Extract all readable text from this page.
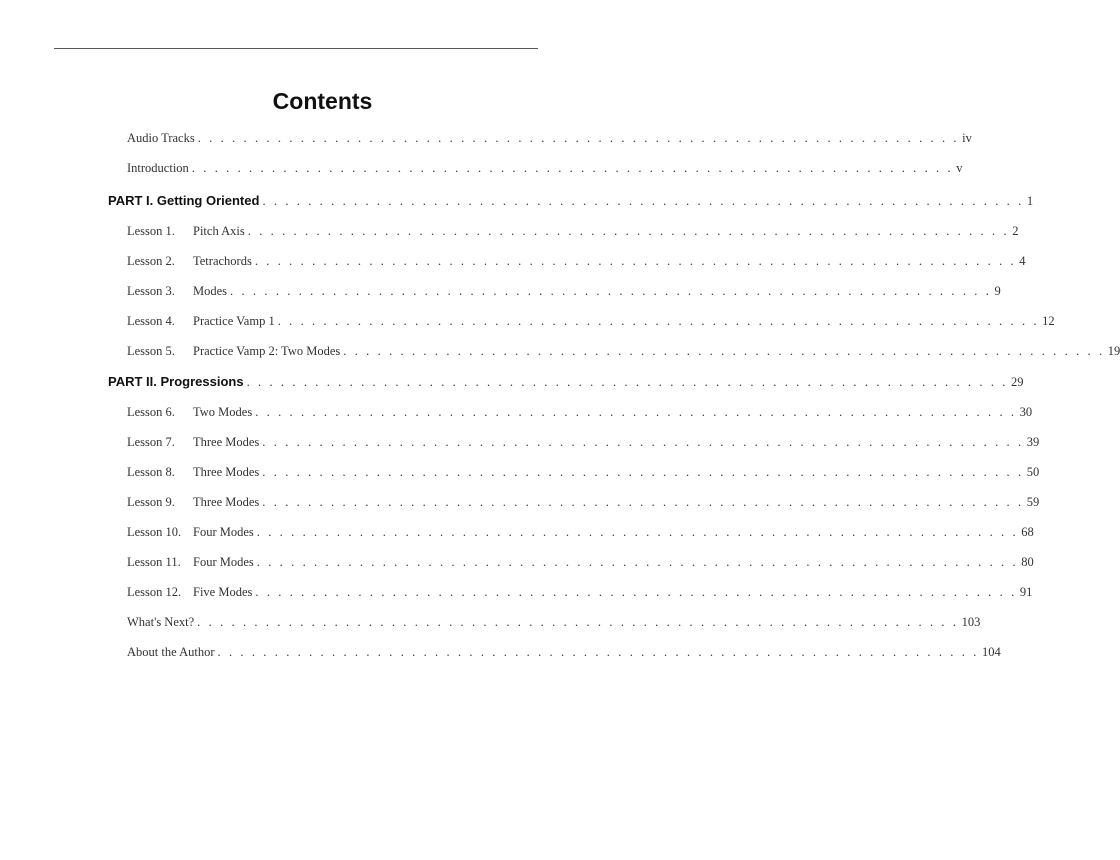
Contents
Audio Tracks . . . . . . . . . . . . . . . . . . . . . . . . . . . . . . . . . . . . . . . . . . . . . . . . . . . . . . . . . . . . . . . . . . . iv
Introduction . . . . . . . . . . . . . . . . . . . . . . . . . . . . . . . . . . . . . . . . . . . . . . . . . . . . . . . . . . . . . . . . . . . v
PART I. Getting Oriented . . . . . . . . . . . . . . . . . . . . . . . . . . . . . . . . . . . . . . . . . . . . . . . . . . . . . . . . . . . . . . . . . . . 1
Lesson 1.	Pitch Axis . . . . . . . . . . . . . . . . . . . . . . . . . . . . . . . . . . . . . . . . . . . . . . . . . . . . . . . . . . . . . . . . . . . 2
Lesson 2.	Tetrachords . . . . . . . . . . . . . . . . . . . . . . . . . . . . . . . . . . . . . . . . . . . . . . . . . . . . . . . . . . . . . . . . . . . 4
Lesson 3.	Modes . . . . . . . . . . . . . . . . . . . . . . . . . . . . . . . . . . . . . . . . . . . . . . . . . . . . . . . . . . . . . . . . . . . 9
Lesson 4.	Practice Vamp 1 . . . . . . . . . . . . . . . . . . . . . . . . . . . . . . . . . . . . . . . . . . . . . . . . . . . . . . . . . . . . . . . . . . . 12
Lesson 5.	Practice Vamp 2: Two Modes . . . . . . . . . . . . . . . . . . . . . . . . . . . . . . . . . . . . . . . . . . . . . . . . . . . . . . . . . . . . . . . . . . . 19
PART II. Progressions . . . . . . . . . . . . . . . . . . . . . . . . . . . . . . . . . . . . . . . . . . . . . . . . . . . . . . . . . . . . . . . . . . . 29
Lesson 6.	Two Modes . . . . . . . . . . . . . . . . . . . . . . . . . . . . . . . . . . . . . . . . . . . . . . . . . . . . . . . . . . . . . . . . . . . 30
Lesson 7.	Three Modes . . . . . . . . . . . . . . . . . . . . . . . . . . . . . . . . . . . . . . . . . . . . . . . . . . . . . . . . . . . . . . . . . . . 39
Lesson 8.	Three Modes . . . . . . . . . . . . . . . . . . . . . . . . . . . . . . . . . . . . . . . . . . . . . . . . . . . . . . . . . . . . . . . . . . . 50
Lesson 9.	Three Modes . . . . . . . . . . . . . . . . . . . . . . . . . . . . . . . . . . . . . . . . . . . . . . . . . . . . . . . . . . . . . . . . . . . 59
Lesson 10. Four Modes . . . . . . . . . . . . . . . . . . . . . . . . . . . . . . . . . . . . . . . . . . . . . . . . . . . . . . . . . . . . . . . . . . . 68
Lesson 11. Four Modes . . . . . . . . . . . . . . . . . . . . . . . . . . . . . . . . . . . . . . . . . . . . . . . . . . . . . . . . . . . . . . . . . . . 80
Lesson 12. Five Modes . . . . . . . . . . . . . . . . . . . . . . . . . . . . . . . . . . . . . . . . . . . . . . . . . . . . . . . . . . . . . . . . . . . 91
What's Next? . . . . . . . . . . . . . . . . . . . . . . . . . . . . . . . . . . . . . . . . . . . . . . . . . . . . . . . . . . . . . . . . . . . 103
About the Author . . . . . . . . . . . . . . . . . . . . . . . . . . . . . . . . . . . . . . . . . . . . . . . . . . . . . . . . . . . . . . . . . . . 104
